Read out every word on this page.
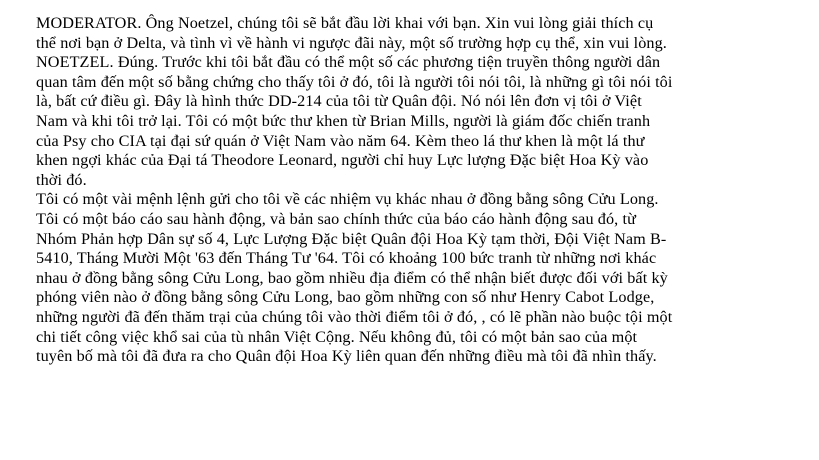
MODERATOR. Ông Noetzel, chúng tôi sẽ bắt đầu lời khai với bạn. Xin vui lòng giải thích cụ
thể nơi bạn ở Delta, và tình vì về hành vi ngược đãi này, một số trường hợp cụ thể, xin vui lòng.
NOETZEL. Đúng. Trước khi tôi bắt đầu có thể một số các phương tiện truyền thông người dân
quan tâm đến một số bằng chứng cho thấy tôi ở đó, tôi là người tôi nói tôi, là những gì tôi nói tôi
là, bất cứ điều gì. Đây là hình thức DD-214 của tôi từ Quân đội. Nó nói lên đơn vị tôi ở Việt
Nam và khi tôi trở lại. Tôi có một bức thư khen từ Brian Mills, người là giám đốc chiến tranh
của Psy cho CIA tại đại sứ quán ở Việt Nam vào năm 64. Kèm theo lá thư khen là một lá thư
khen ngợi khác của Đại tá Theodore Leonard, người chỉ huy Lực lượng Đặc biệt Hoa Kỳ vào
thời đó.
Tôi có một vài mệnh lệnh gửi cho tôi về các nhiệm vụ khác nhau ở đồng bằng sông Cửu Long.
Tôi có một báo cáo sau hành động, và bản sao chính thức của báo cáo hành động sau đó, từ
Nhóm Phản hợp Dân sự số 4, Lực Lượng Đặc biệt Quân đội Hoa Kỳ tạm thời, Đội Việt Nam B-
5410, Tháng Mười Một '63 đến Tháng Tư '64. Tôi có khoảng 100 bức tranh từ những nơi khác
nhau ở đồng bằng sông Cửu Long, bao gồm nhiều địa điểm có thể nhận biết được đối với bất kỳ
phóng viên nào ở đồng bằng sông Cửu Long, bao gồm những con số như Henry Cabot Lodge,
những người đã đến thăm trại của chúng tôi vào thời điểm tôi ở đó, , có lẽ phần nào buộc tội một
chi tiết công việc khổ sai của tù nhân Việt Cộng. Nếu không đủ, tôi có một bản sao của một
tuyên bố mà tôi đã đưa ra cho Quân đội Hoa Kỳ liên quan đến những điều mà tôi đã nhìn thấy.
